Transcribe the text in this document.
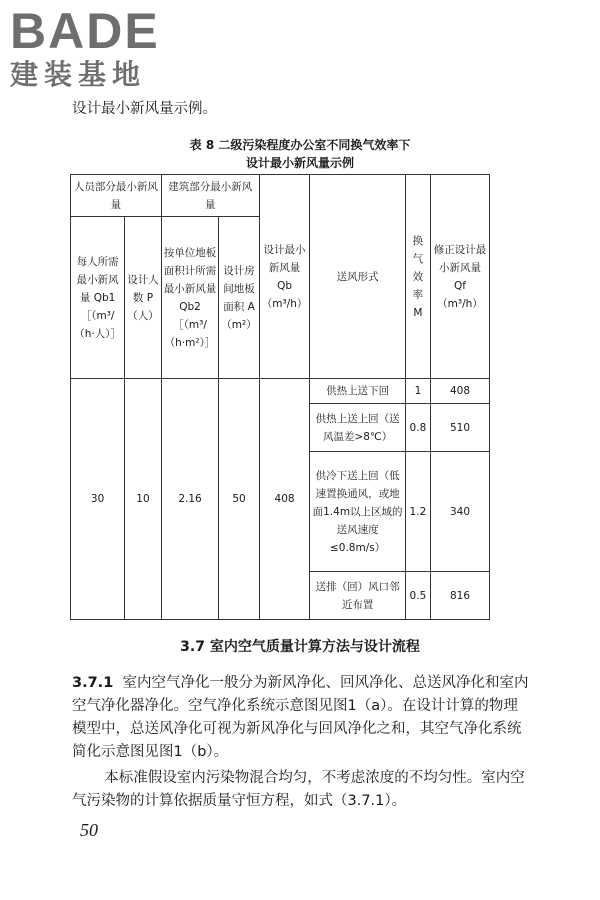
BADE
建装基地
设计最小新风量示例。
表 8 二级污染程度办公室不同换气效率下
设计最小新风量示例
人员部分最小新风量		建筑部分最小新风量		设计最小新风量 Qb （m³/h）	送风形式	换气效率 M	修正设计最小新风量 Qf （m³/h）
每人所需最小新风量 Qb1 ［（m³/（h·人）］	设计人数 P （人）	按单位地板面积计所需最小新风量 Qb2 ［（m³/（h·m²）］	设计房间地板面积 A （m²）				
30	10	2.16	50	408	供热上送下回	1	408
					供热上送上回（送风温差>8℃）	0.8	510
					供冷下送上回（低速置换通风，或地面1.4m以上区域的送风速度≤0.8m/s）	1.2	340
					送排（回）风口邻近布置	0.5	816
3.7 室内空气质量计算方法与设计流程
3.7.1 室内空气净化一般分为新风净化、回风净化、总送风净化和室内空气净化器净化。空气净化系统示意图见图1（a）。在设计计算的物理模型中，总送风净化可视为新风净化与回风净化之和，其空气净化系统简化示意图见图1（b）。
本标准假设室内污染物混合均匀，不考虑浓度的不均匀性。室内空气污染物的计算依据质量守恒方程，如式（3.7.1）。
50
